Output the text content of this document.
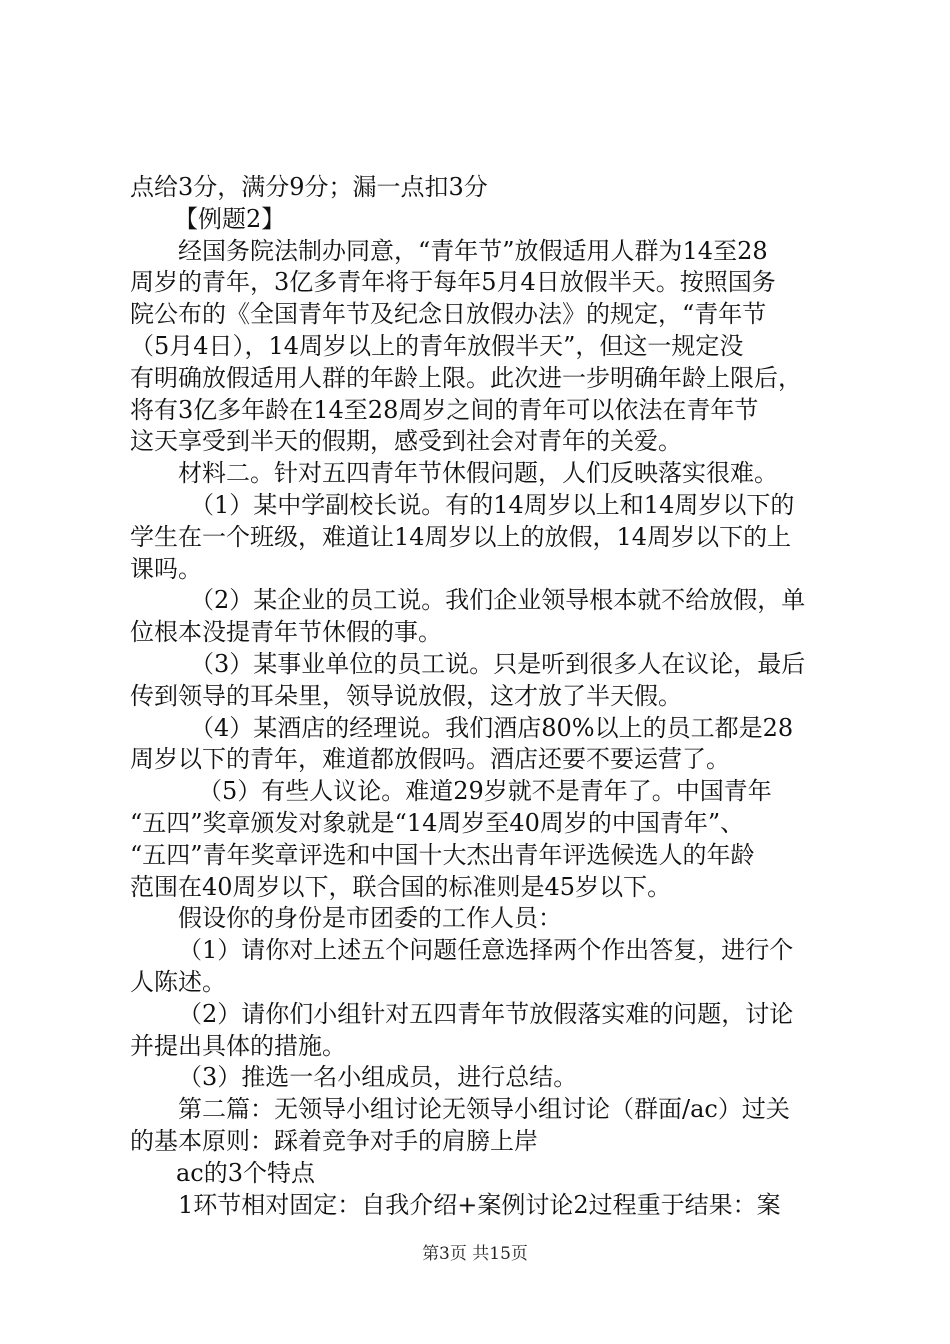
点给3分，满分9分；漏一点扣3分
【例题2】
经国务院法制办同意，“青年节”放假适用人群为14至28
周岁的青年，3亿多青年将于每年5月4日放假半天。按照国务
院公布的《全国青年节及纪念日放假办法》的规定，“青年节
（5月4日），14周岁以上的青年放假半天”，但这一规定没
有明确放假适用人群的年龄上限。此次进一步明确年龄上限后，
将有3亿多年龄在14至28周岁之间的青年可以依法在青年节
这天享受到半天的假期，感受到社会对青年的关爱。
材料二。针对五四青年节休假问题，人们反映落实很难。
（1）某中学副校长说。有的14周岁以上和14周岁以下的
学生在一个班级，难道让14周岁以上的放假，14周岁以下的上
课吗。
（2）某企业的员工说。我们企业领导根本就不给放假，单
位根本没提青年节休假的事。
（3）某事业单位的员工说。只是听到很多人在议论，最后
传到领导的耳朵里，领导说放假，这才放了半天假。
（4）某酒店的经理说。我们酒店80%以上的员工都是28
周岁以下的青年，难道都放假吗。酒店还要不要运营了。
（5）有些人议论。难道29岁就不是青年了。中国青年
“五四”奖章颁发对象就是“14周岁至40周岁的中国青年”、
“五四”青年奖章评选和中国十大杰出青年评选候选人的年龄
范围在40周岁以下，联合国的标准则是45岁以下。
假设你的身份是市团委的工作人员：
（1）请你对上述五个问题任意选择两个作出答复，进行个
人陈述。
（2）请你们小组针对五四青年节放假落实难的问题，讨论
并提出具体的措施。
（3）推选一名小组成员，进行总结。
第二篇：无领导小组讨论无领导小组讨论（群面/ac）过关
的基本原则：踩着竞争对手的肩膀上岸
ac的3个特点
1环节相对固定：自我介绍+案例讨论2过程重于结果：案
第3页 共15页
